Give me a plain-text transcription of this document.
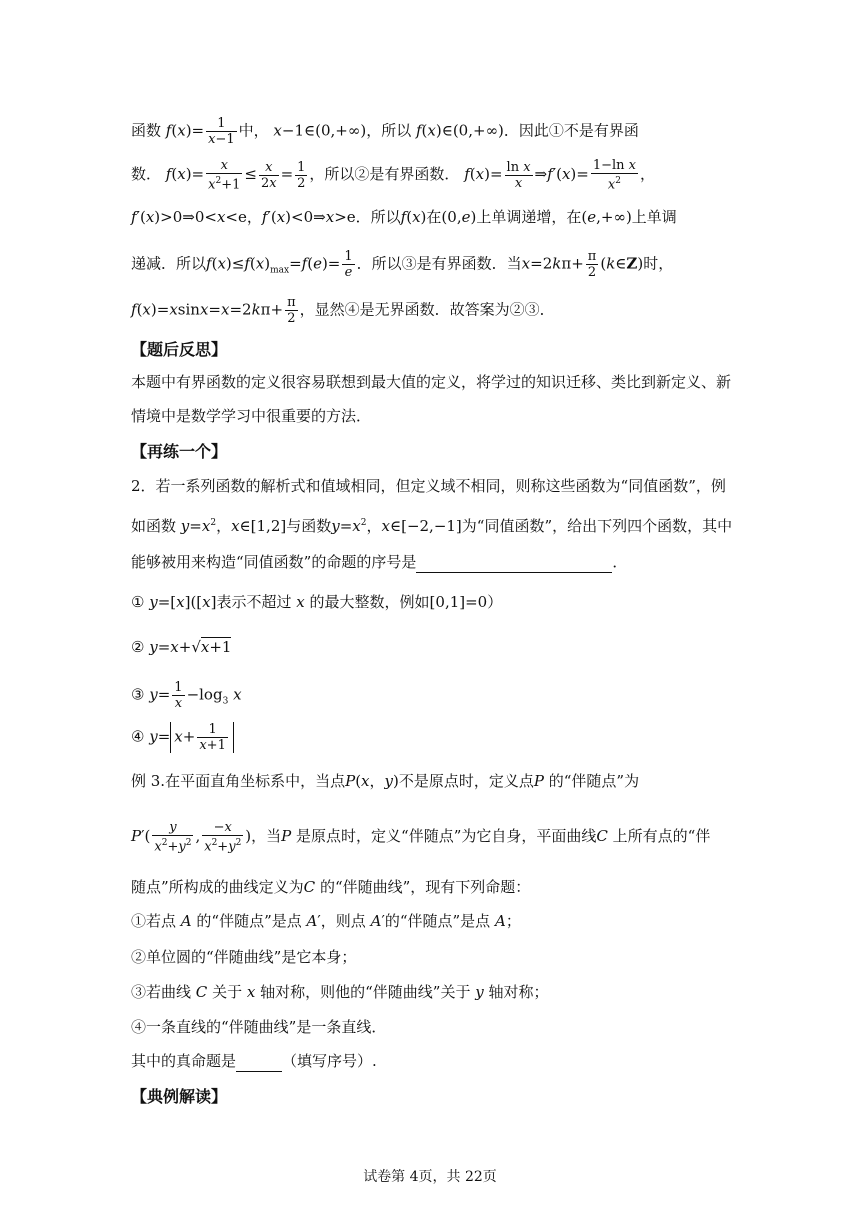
函数 $f(x)= \frac{1}{x-1}$ 中， x−1∈(0,+∞)，所以 f(x)∈(0,+∞)．因此①不是有界函
数． $f(x)= \frac{x}{x^2+1} \le \frac{x}{2x} = \frac{1}{2}$ ，所以②是有界函数． $f(x)= \frac{\text{ln x}}{x}$ ⇒f′(x)= $\frac{\text{1−ln x}}{x^2}$ ，
f′(x)>0⇒0<x<e，f′(x)<0⇒x>e．所以f(x)在(0,e)上单调递增，在(e,+∞)上单调
递减．所以$f(x)\le f(x)_{max}=f(e)= \frac{1}{e}$ ．所以③是有界函数．当$x=2k\pi+ \frac{\pi}{2}$ (k∈Z)时，
$f(x)=xsinx=x=2k\pi+ \frac{\pi}{2}$ ，显然④是无界函数．故答案为②③．
【题后反思】
本题中有界函数的定义很容易联想到最大值的定义，将学过的知识迁移、类比到新定义、新
情境中是数学学习中很重要的方法．
【再练一个】
2．若一系列函数的解析式和值域相同，但定义域不相同，则称这些函数为“同值函数”，例
如函数 $y=x^2$，x∈[1,2]与函数$y=x^2$，x∈[−2,−1]为“同值函数”，给出下列四个函数，其中
能够被用来构造“同值函数”的命题的序号是	．
① y=[x]([x]表示不超过 x 的最大整数，例如[0,1]=0）
② y=x+√x+1
③ $y= \frac{1}{x} -\log_3$ x
④ $y= x+ \frac{1}{x+1}$
例 3.在平面直角坐标系中，当点P(x，y)不是原点时，定义点P 的“伴随点”为
$P'( \frac{y}{x^2+y^2}$ , $\frac{-x}{x^2+y^2}$ )，当P 是原点时，定义“伴随点”为它自身，平面曲线C 上所有点的“伴
随点”所构成的曲线定义为C 的“伴随曲线”，现有下列命题：
①若点 A 的“伴随点”是点 A′，则点 A′的“伴随点”是点 A；
②单位圆的“伴随曲线”是它本身；
③若曲线 C 关于 x 轴对称，则他的“伴随曲线”关于 y 轴对称；
④一条直线的“伴随曲线”是一条直线．
其中的真命题是	（填写序号）.
【典例解读】
试卷第 4页，共 22页
